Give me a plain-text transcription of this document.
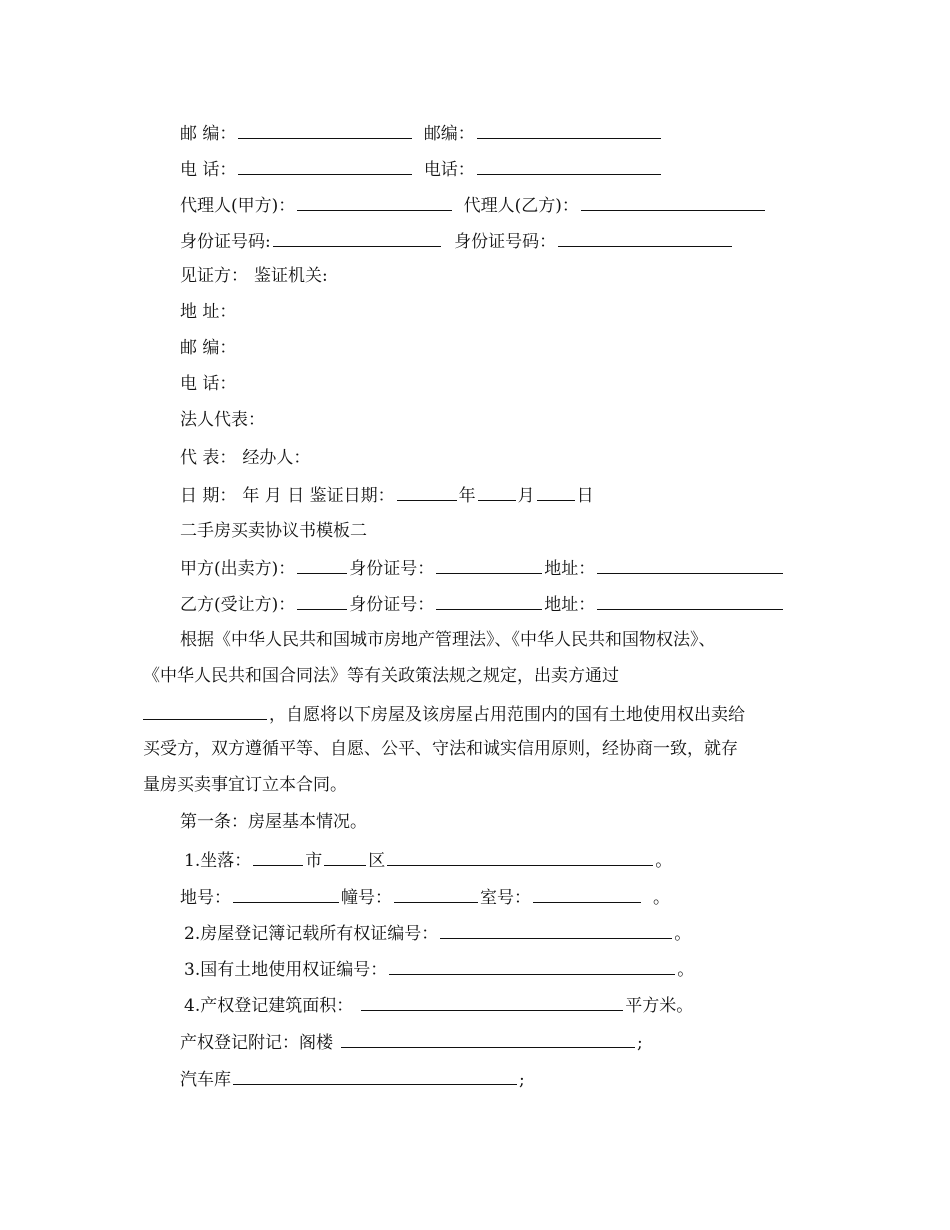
邮 编：	邮编：
电 话：	电话：
代理人(甲方)：	代理人(乙方)：
身份证号码:	身份证号码：
见证方： 鉴证机关:
地 址：
邮 编：
电 话：
法人代表：
代 表： 经办人：
日 期： 年 月 日 鉴证日期：	年 月 日
二手房买卖协议书模板二
甲方(出卖方)：	身份证号：	地址：
乙方(受让方)：	身份证号：	地址：
根据《中华人民共和国城市房地产管理法》、《中华人民共和国物权法》、
《中华人民共和国合同法》等有关政策法规之规定，出卖方通过
，自愿将以下房屋及该房屋占用范围内的国有土地使用权出卖给
买受方，双方遵循平等、自愿、公平、守法和诚实信用原则，经协商一致，就存
量房买卖事宜订立本合同。
第一条：房屋基本情况。
1.坐落：	市	区	。
地号：	幢号：	室号：	。
2.房屋登记簿记载所有权证编号：	。
3.国有土地使用权证编号：	。
4.产权登记建筑面积：	平方米。
产权登记附记：阁楼	;
汽车库	;
